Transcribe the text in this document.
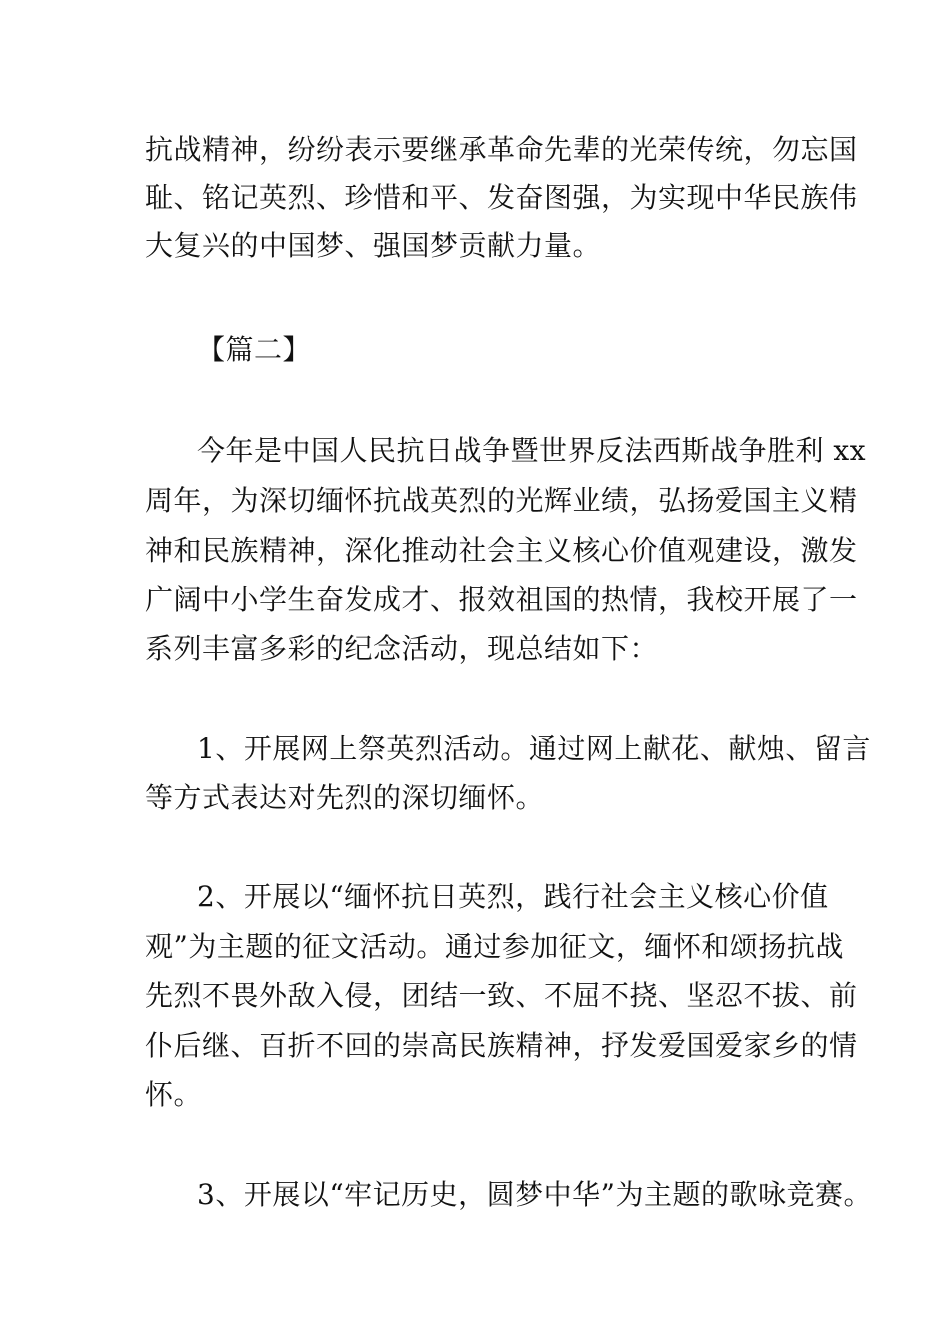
抗战精神，纷纷表示要继承革命先辈的光荣传统，勿忘国

耻、铭记英烈、珍惜和平、发奋图强，为实现中华民族伟

大复兴的中国梦、强国梦贡献力量。

【篇二】

今年是中国人民抗日战争暨世界反法西斯战争胜利 xx

周年，为深切缅怀抗战英烈的光辉业绩，弘扬爱国主义精

神和民族精神，深化推动社会主义核心价值观建设，激发

广阔中小学生奋发成才、报效祖国的热情，我校开展了一

系列丰富多彩的纪念活动，现总结如下：

1、开展网上祭英烈活动。通过网上献花、献烛、留言

等方式表达对先烈的深切缅怀。

2、开展以“缅怀抗日英烈，践行社会主义核心价值

观”为主题的征文活动。通过参加征文，缅怀和颂扬抗战

先烈不畏外敌入侵，团结一致、不屈不挠、坚忍不拔、前

仆后继、百折不回的崇高民族精神，抒发爱国爱家乡的情

怀。

3、开展以“牢记历史，圆梦中华”为主题的歌咏竞赛。
